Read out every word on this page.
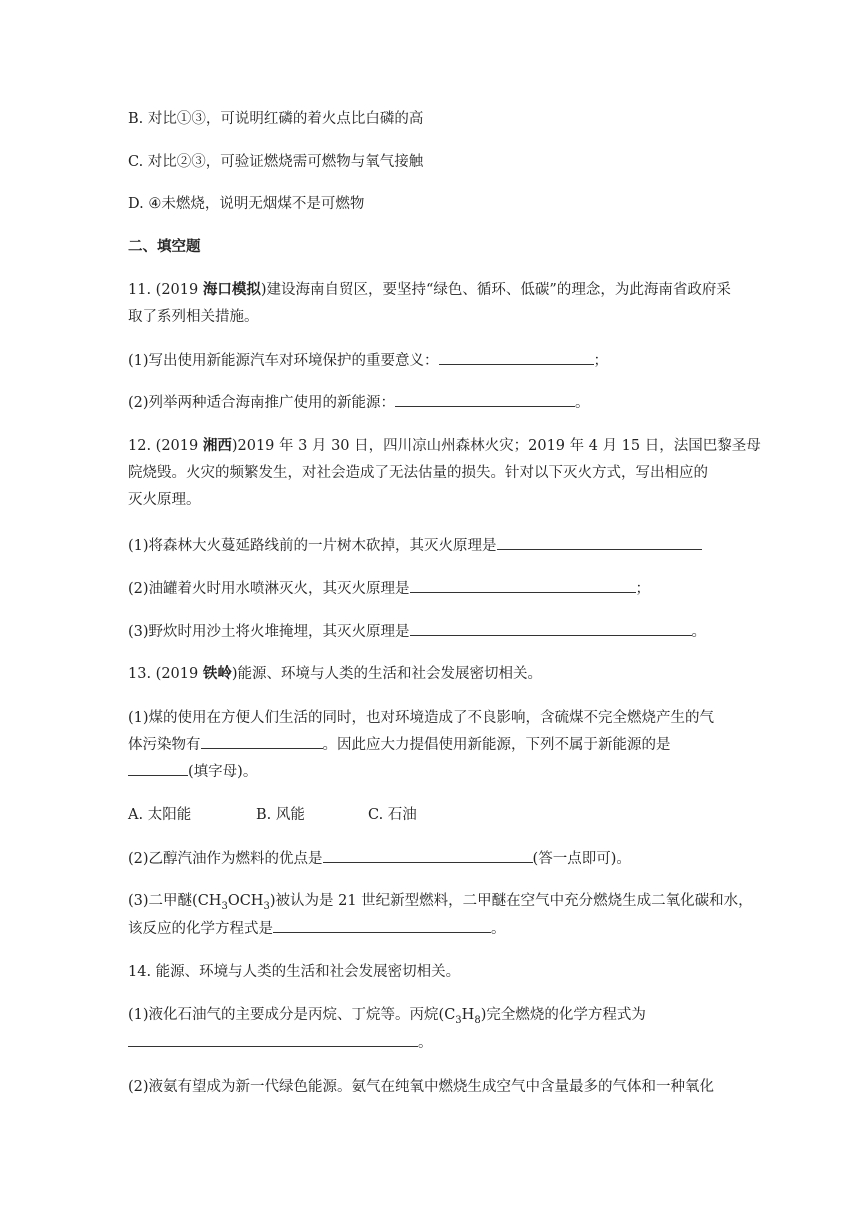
B. 对比①③，可说明红磷的着火点比白磷的高
C. 对比②③，可验证燃烧需可燃物与氧气接触
D. ④未燃烧，说明无烟煤不是可燃物
二、填空题
11. (2019 海口模拟)建设海南自贸区，要坚持“绿色、循环、低碳”的理念，为此海南省政府采
取了系列相关措施。
(1)写出使用新能源汽车对环境保护的重要意义：	；
(2)列举两种适合海南推广使用的新能源：	。
12. (2019 湘西)2019 年 3 月 30 日，四川凉山州森林火灾；2019 年 4 月 15 日，法国巴黎圣母
院烧毁。火灾的频繁发生，对社会造成了无法估量的损失。针对以下灭火方式，写出相应的
灭火原理。
(1)将森林大火蔓延路线前的一片树木砍掉，其灭火原理是
(2)油罐着火时用水喷淋灭火，其灭火原理是	；
(3)野炊时用沙土将火堆掩埋，其灭火原理是	。
13. (2019 铁岭)能源、环境与人类的生活和社会发展密切相关。
(1)煤的使用在方便人们生活的同时，也对环境造成了不良影响，含硫煤不完全燃烧产生的气
体污染物有	。因此应大力提倡使用新能源，下列不属于新能源的是
(填字母)。
A. 太阳能	B. 风能	C. 石油
(2)乙醇汽油作为燃料的优点是	(答一点即可)。
(3)二甲醚$(CH_3OCH_3)$被认为是 21 世纪新型燃料，二甲醚在空气中充分燃烧生成二氧化碳和水，
该反应的化学方程式是	。
14. 能源、环境与人类的生活和社会发展密切相关。
(1)液化石油气的主要成分是丙烷、丁烷等。丙烷$(C_3H_8)$完全燃烧的化学方程式为
。
(2)液氨有望成为新一代绿色能源。氨气在纯氧中燃烧生成空气中含量最多的气体和一种氧化
